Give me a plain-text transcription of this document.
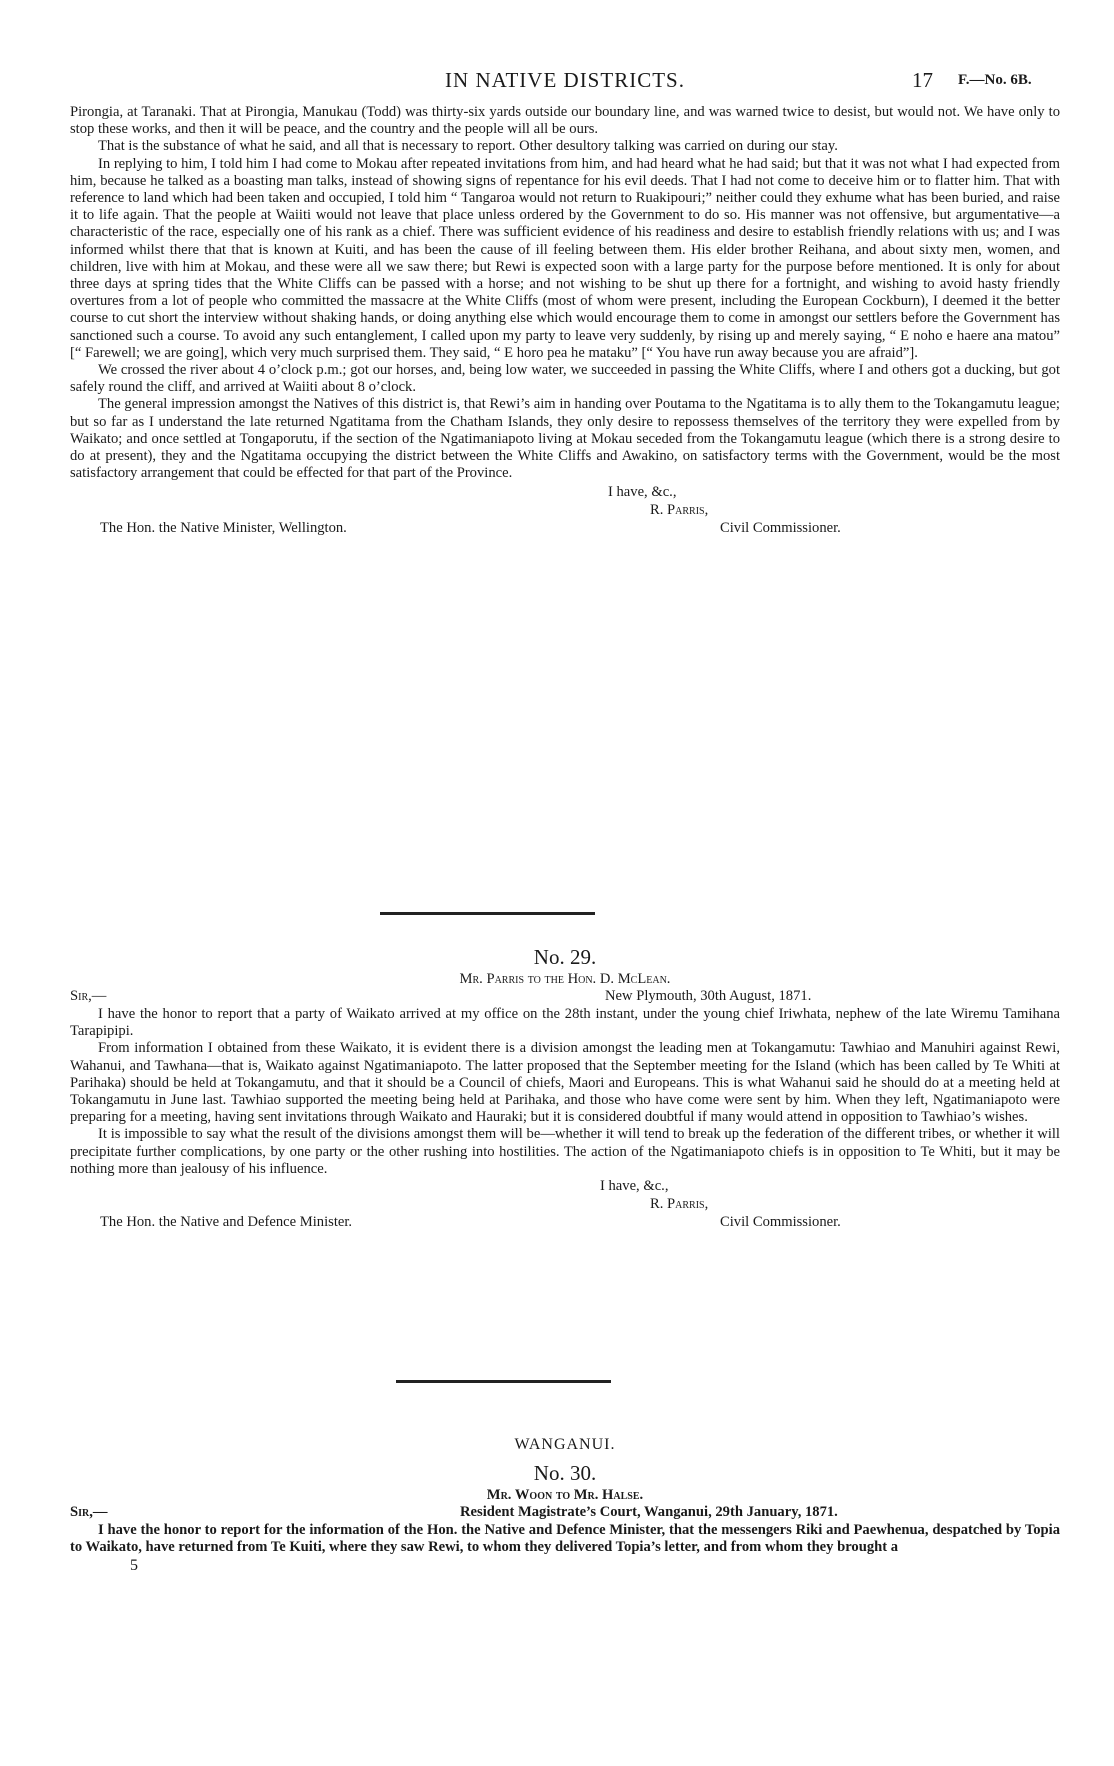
IN NATIVE DISTRICTS.	17 F.—No. 6B.

Pirongia, at Taranaki. That at Pirongia, Manukau (Todd) was thirty-six yards outside our boundary line, and was warned twice to desist, but would not. We have only to stop these works, and then it will be peace, and the country and the people will all be ours.

That is the substance of what he said, and all that is necessary to report. Other desultory talking was carried on during our stay.

In replying to him, I told him I had come to Mokau after repeated invitations from him, and had heard what he had said; but that it was not what I had expected from him, because he talked as a boasting man talks, instead of showing signs of repentance for his evil deeds. That I had not come to deceive him or to flatter him. That with reference to land which had been taken and occupied, I told him “ Tangaroa would not return to Ruakipouri;” neither could they exhume what has been buried, and raise it to life again. That the people at Waiiti would not leave that place unless ordered by the Government to do so. His manner was not offensive, but argumentative—a characteristic of the race, especially one of his rank as a chief. There was sufficient evidence of his readiness and desire to establish friendly relations with us; and I was informed whilst there that that is known at Kuiti, and has been the cause of ill feeling between them. His elder brother Reihana, and about sixty men, women, and children, live with him at Mokau, and these were all we saw there; but Rewi is expected soon with a large party for the purpose before mentioned. It is only for about three days at spring tides that the White Cliffs can be passed with a horse; and not wishing to be shut up there for a fortnight, and wishing to avoid hasty friendly overtures from a lot of people who committed the massacre at the White Cliffs (most of whom were present, including the European Cockburn), I deemed it the better course to cut short the interview without shaking hands, or doing anything else which would encourage them to come in amongst our settlers before the Government has sanctioned such a course. To avoid any such entanglement, I called upon my party to leave very suddenly, by rising up and merely saying, “ E noho e haere ana matou” [“ Farewell; we are going], which very much surprised them. They said, “ E horo pea he mataku” [“ You have run away because you are afraid”].

We crossed the river about 4 o’clock p.m.; got our horses, and, being low water, we succeeded in passing the White Cliffs, where I and others got a ducking, but got safely round the cliff, and arrived at Waiiti about 8 o’clock.

The general impression amongst the Natives of this district is, that Rewi’s aim in handing over Poutama to the Ngatitama is to ally them to the Tokangamutu league; but so far as I understand the late returned Ngatitama from the Chatham Islands, they only desire to repossess themselves of the territory they were expelled from by Waikato; and once settled at Tongaporutu, if the section of the Ngatimaniapoto living at Mokau seceded from the Tokangamutu league (which there is a strong desire to do at present), they and the Ngatitama occupying the district between the White Cliffs and Awakino, on satisfactory terms with the Government, would be the most satisfactory arrangement that could be effected for that part of the Province.

I have, &c.,
R. Parris,
The Hon. the Native Minister, Wellington.	Civil Commissioner.
No. 29.
Mr. Parris to the Hon. D. McLean.
Sir,—	New Plymouth, 30th August, 1871.

I have the honor to report that a party of Waikato arrived at my office on the 28th instant, under the young chief Iriwhata, nephew of the late Wiremu Tamihana Tarapipipi.

From information I obtained from these Waikato, it is evident there is a division amongst the leading men at Tokangamutu: Tawhiao and Manuhiri against Rewi, Wahanui, and Tawhana—that is, Waikato against Ngatimaniapoto. The latter proposed that the September meeting for the Island (which has been called by Te Whiti at Parihaka) should be held at Tokangamutu, and that it should be a Council of chiefs, Maori and Europeans. This is what Wahanui said he should do at a meeting held at Tokangamutu in June last. Tawhiao supported the meeting being held at Parihaka, and those who have come were sent by him. When they left, Ngatimaniapoto were preparing for a meeting, having sent invitations through Waikato and Hauraki; but it is considered doubtful if many would attend in opposition to Tawhiao’s wishes.

It is impossible to say what the result of the divisions amongst them will be—whether it will tend to break up the federation of the different tribes, or whether it will precipitate further complications, by one party or the other rushing into hostilities. The action of the Ngatimaniapoto chiefs is in opposition to Te Whiti, but it may be nothing more than jealousy of his influence.

I have, &c.,
R. Parris,
The Hon. the Native and Defence Minister.	Civil Commissioner.
WANGANUI.
No. 30.
Mr. Woon to Mr. Halse.
Sir,—	Resident Magistrate’s Court, Wanganui, 29th January, 1871.

I have the honor to report for the information of the Hon. the Native and Defence Minister, that the messengers Riki and Paewhenua, despatched by Topia to Waikato, have returned from Te Kuiti, where they saw Rewi, to whom they delivered Topia’s letter, and from whom they brought a

5
